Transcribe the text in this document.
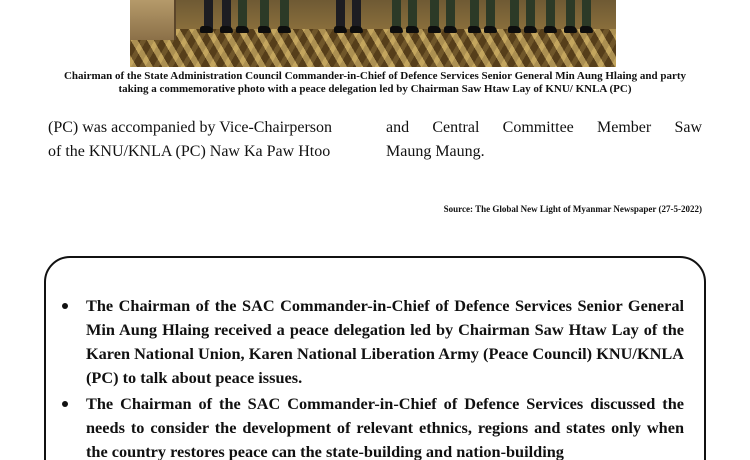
Chairman of the State Administration Council Commander-in-Chief of Defence Services Senior General Min Aung Hlaing and party taking a commemorative photo with a peace delegation led by Chairman Saw Htaw Lay of KNU/ KNLA (PC)
(PC) was accompanied by Vice-Chairperson
of the KNU/KNLA (PC) Naw Ka Paw Htoo
and Central Committee Member Saw
Maung Maung.
Source: The Global New Light of Myanmar Newspaper (27-5-2022)
The Chairman of the SAC Commander-in-Chief of Defence Services Senior General Min Aung Hlaing received a peace delegation led by Chairman Saw Htaw Lay of the Karen National Union, Karen National Liberation Army (Peace Council) KNU/KNLA (PC) to talk about peace issues.
The Chairman of the SAC Commander-in-Chief of Defence Services discussed the needs to consider the development of relevant ethnics, regions and states only when the country restores peace can the state-building and nation-building
